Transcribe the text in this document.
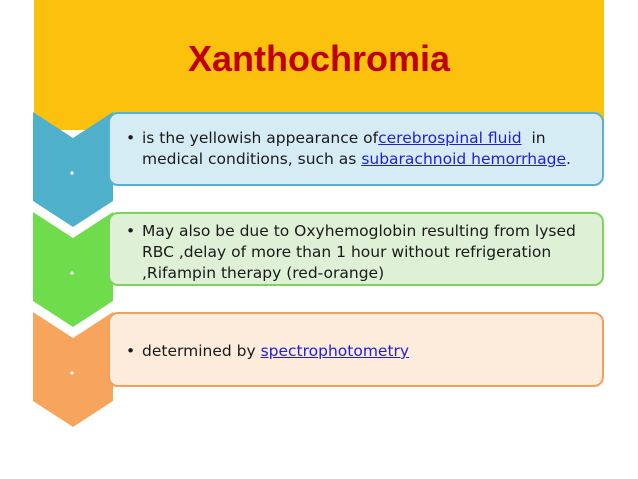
Xanthochromia
• is the yellowish appearance ofcerebrospinal fluid  in medical conditions, such as subarachnoid hemorrhage.
• May also be due to Oxyhemoglobin resulting from lysed RBC ,delay of more than 1 hour without refrigeration ,Rifampin therapy (red-orange)
• determined by spectrophotometry
